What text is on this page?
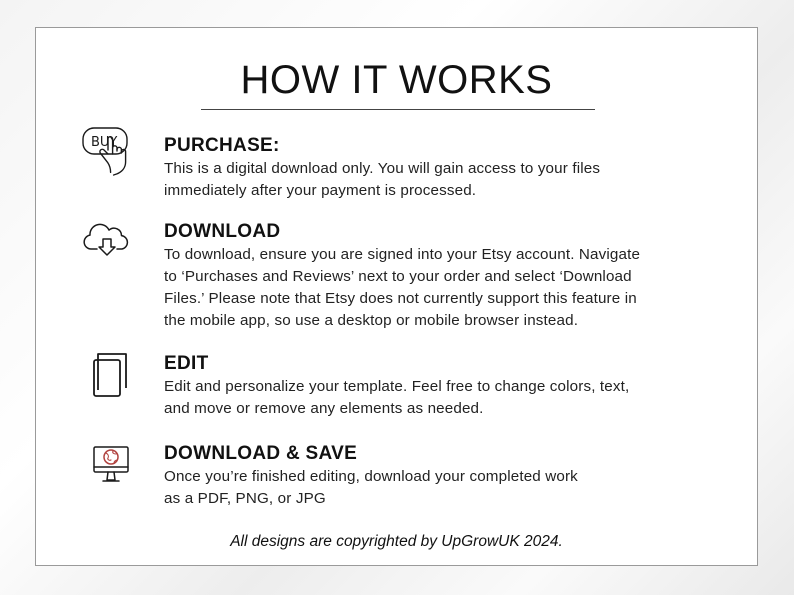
HOW IT WORKS
BUY PURCHASE:

This is a digital download only. You will gain access to your files

immediately after your payment is processed.

DOWNLOAD

To download, ensure you are signed into your Etsy account. Navigate

to ‘Purchases and Reviews’ next to your order and select ‘Download

Files.’ Please note that Etsy does not currently support this feature in

the mobile app, so use a desktop or mobile browser instead.

EDIT

Edit and personalize your template. Feel free to change colors, text,

and move or remove any elements as needed.

DOWNLOAD & SAVE

Once you’re finished editing, download your completed work

as a PDF, PNG, or JPG

All designs are copyrighted by UpGrowUK 2024.
